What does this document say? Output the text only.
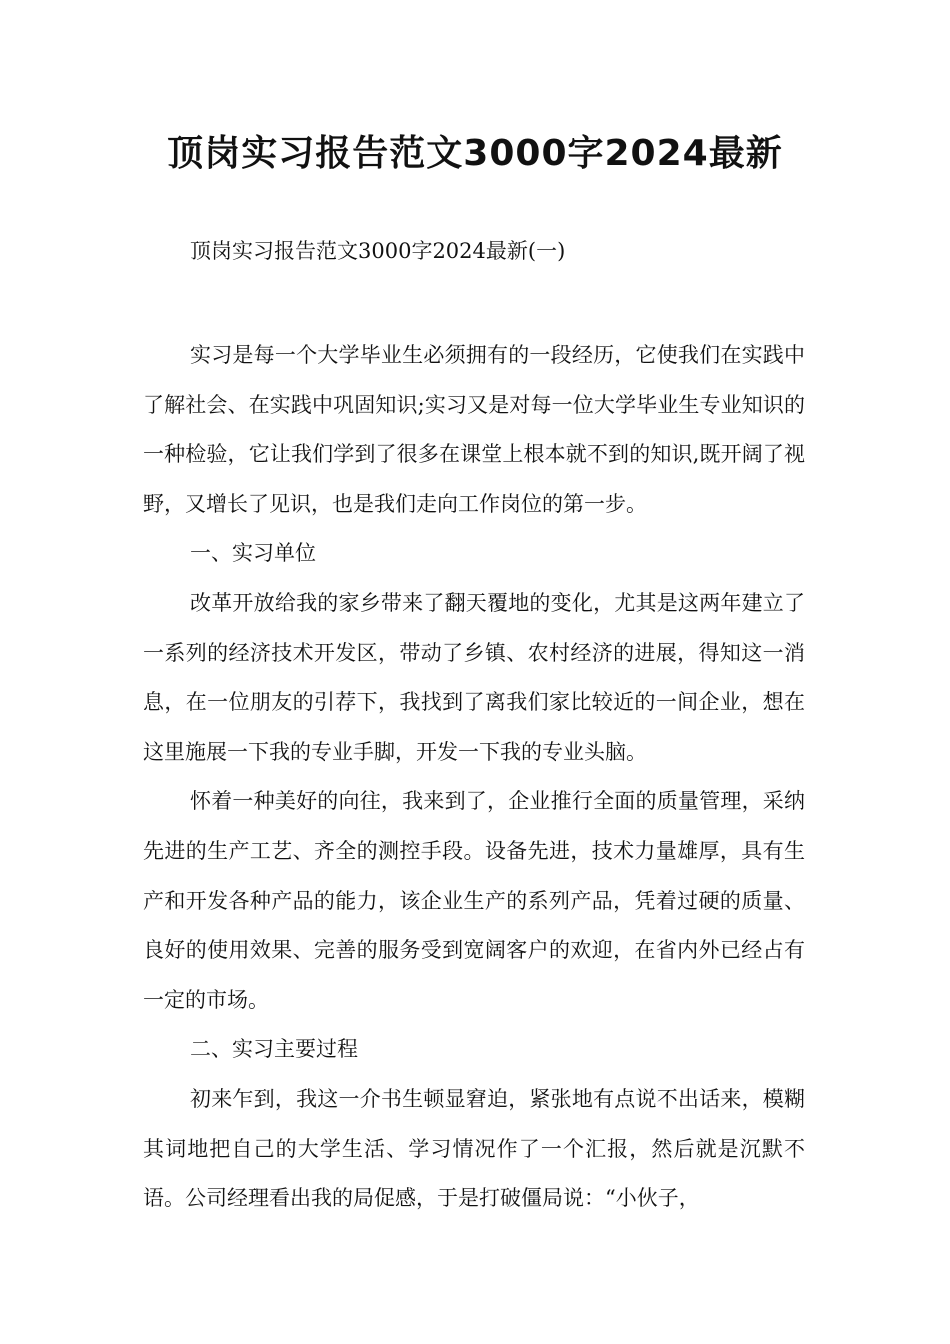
顶岗实习报告范文3000字2024最新

顶岗实习报告范文3000字2024最新(一)

实习是每一个大学毕业生必须拥有的一段经历，它使我们在实践中了解社会、在实践中巩固知识;实习又是对每一位大学毕业生专业知识的一种检验，它让我们学到了很多在课堂上根本就不到的知识,既开阔了视野，又增长了见识，也是我们走向工作岗位的第一步。

一、实习单位

改革开放给我的家乡带来了翻天覆地的变化，尤其是这两年建立了一系列的经济技术开发区，带动了乡镇、农村经济的进展，得知这一消息，在一位朋友的引荐下，我找到了离我们家比较近的一间企业，想在这里施展一下我的专业手脚，开发一下我的专业头脑。

怀着一种美好的向往，我来到了，企业推行全面的质量管理，采纳先进的生产工艺、齐全的测控手段。设备先进，技术力量雄厚，具有生产和开发各种产品的能力，该企业生产的系列产品，凭着过硬的质量、良好的使用效果、完善的服务受到宽阔客户的欢迎，在省内外已经占有一定的市场。

二、实习主要过程

初来乍到，我这一介书生顿显窘迫，紧张地有点说不出话来，模糊其词地把自己的大学生活、学习情况作了一个汇报，然后就是沉默不语。公司经理看出我的局促感，于是打破僵局说：“小伙子，
